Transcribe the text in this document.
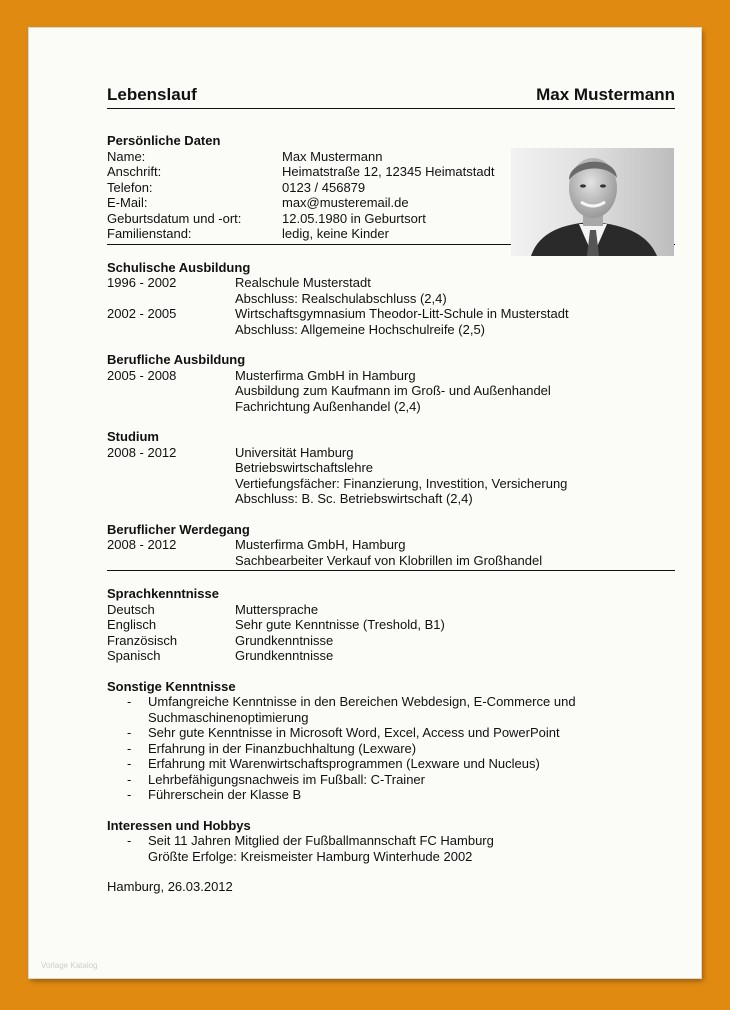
Lebenslauf	Max Mustermann
Persönliche Daten
Name:	Max Mustermann
Anschrift:	Heimatstraße 12, 12345 Heimatstadt
Telefon:	0123 / 456879
E-Mail:	max@musteremail.de
Geburtsdatum und -ort:	12.05.1980 in Geburtsort
Familienstand:	ledig, keine Kinder
Schulische Ausbildung
1996 - 2002	Realschule Musterstadt
Abschluss: Realschulabschluss (2,4)
2002 - 2005	Wirtschaftsgymnasium Theodor-Litt-Schule in Musterstadt
Abschluss: Allgemeine Hochschulreife (2,5)
Berufliche Ausbildung
2005 - 2008	Musterfirma GmbH in Hamburg
Ausbildung zum Kaufmann im Groß- und Außenhandel
Fachrichtung Außenhandel (2,4)
Studium
2008 - 2012	Universität Hamburg
Betriebswirtschaftslehre
Vertiefungsfächer: Finanzierung, Investition, Versicherung
Abschluss: B. Sc. Betriebswirtschaft (2,4)
Beruflicher Werdegang
2008 - 2012	Musterfirma GmbH, Hamburg
Sachbearbeiter Verkauf von Klobrillen im Großhandel
Sprachkenntnisse
Deutsch	Muttersprache
Englisch	Sehr gute Kenntnisse (Treshold, B1)
Französisch	Grundkenntnisse
Spanisch	Grundkenntnisse
Sonstige Kenntnisse
-	Umfangreiche Kenntnisse in den Bereichen Webdesign, E-Commerce und
Suchmaschinenoptimierung
-	Sehr gute Kenntnisse in Microsoft Word, Excel, Access und PowerPoint
-	Erfahrung in der Finanzbuchhaltung (Lexware)
-	Erfahrung mit Warenwirtschaftsprogrammen (Lexware und Nucleus)
-	Lehrbefähigungsnachweis im Fußball: C-Trainer
-	Führerschein der Klasse B
Interessen und Hobbys
-	Seit 11 Jahren Mitglied der Fußballmannschaft FC Hamburg
Größte Erfolge: Kreismeister Hamburg Winterhude 2002
Hamburg, 26.03.2012
Vorlage Katalog
